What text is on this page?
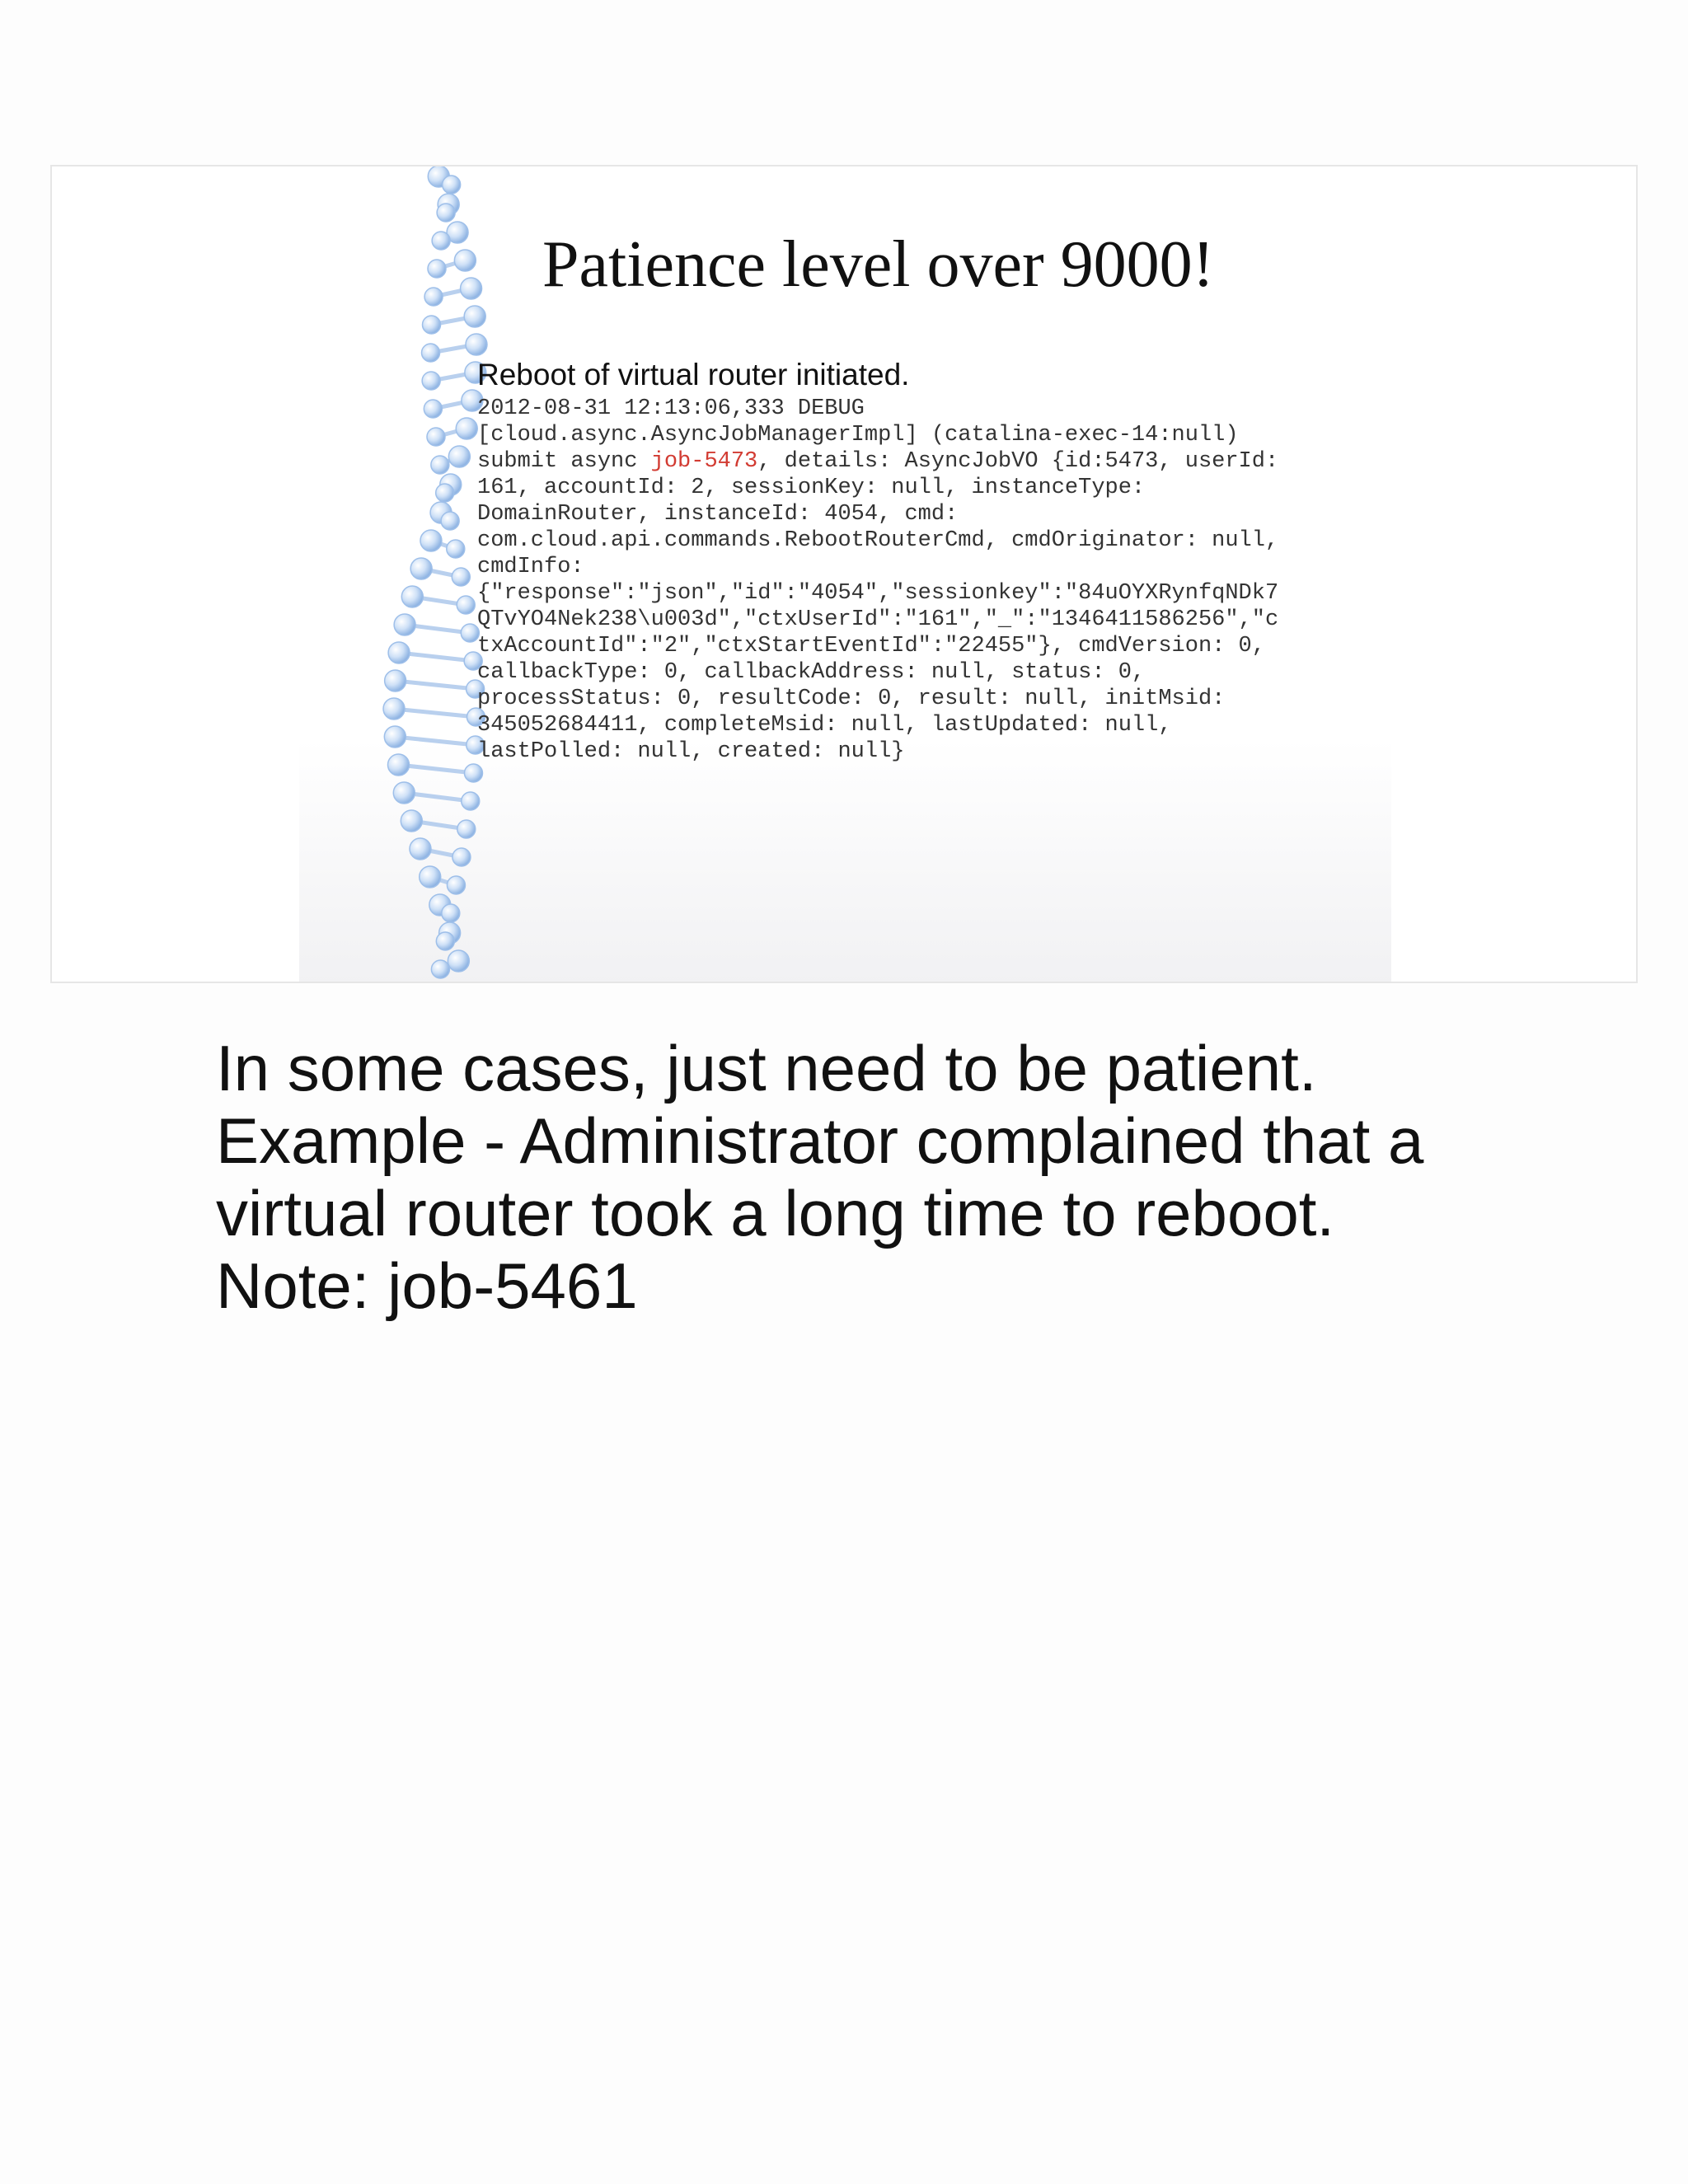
Patience level over 9000!
Reboot of virtual router initiated.
2012-08-31 12:13:06,333 DEBUG
[cloud.async.AsyncJobManagerImpl] (catalina-exec-14:null)
submit async job-5473, details: AsyncJobVO {id:5473, userId:
161, accountId: 2, sessionKey: null, instanceType:
DomainRouter, instanceId: 4054, cmd:
com.cloud.api.commands.RebootRouterCmd, cmdOriginator: null,
cmdInfo:
{"response":"json","id":"4054","sessionkey":"84uOYXRynfqNDk7
QTvYO4Nek238\u003d","ctxUserId":"161","_":"1346411586256","c
txAccountId":"2","ctxStartEventId":"22455"}, cmdVersion: 0,
callbackType: 0, callbackAddress: null, status: 0,
processStatus: 0, resultCode: 0, result: null, initMsid:
345052684411, completeMsid: null, lastUpdated: null,
lastPolled: null, created: null}
In some cases, just need to be patient.
Example - Administrator complained that a
virtual router took a long time to reboot.
Note: job-5461
